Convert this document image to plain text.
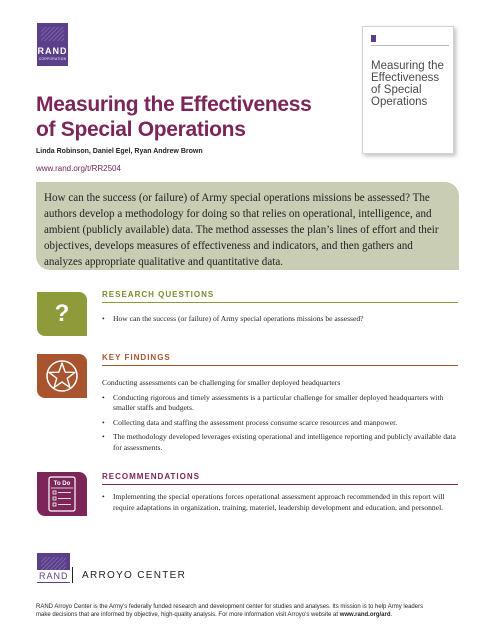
RAND
CORPORATION
Measuring the Effectiveness of Special Operations
Measuring the Effectiveness
of Special Operations
Linda Robinson, Daniel Egel, Ryan Andrew Brown
www.rand.org/t/RR2504

How can the success (or failure) of Army special operations missions be assessed? The authors develop a methodology for doing so that relies on operational, intelligence, and ambient (publicly available) data. The method assesses the plan’s lines of effort and their objectives, develops measures of effectiveness and indicators, and then gathers and analyzes appropriate qualitative and quantitative data.

?
RESEARCH QUESTIONS
• How can the success (or failure) of Army special operations missions be assessed?
KEY FINDINGS

Conducting assessments can be challenging for smaller deployed headquarters

• Conducting rigorous and timely assessments is a particular challenge for smaller deployed headquarters with smaller staffs and budgets.
• Collecting data and staffing the assessment process consume scarce resources and manpower.
• The methodology developed leverages existing operational and intelligence reporting and publicly available data for assessments.
To Do
RECOMMENDATIONS
• Implementing the special operations forces operational assessment approach recommended in this report will require adaptations in organization, training, materiel, leadership development and education, and personnel.
RAND ARROYO CENTER
RAND Arroyo Center is the Army’s federally funded research and development center for studies and analyses. Its mission is to help Army leaders make decisions that are informed by objective, high-quality analysis. For more information visit Arroyo’s website at www.rand.org/ard.
